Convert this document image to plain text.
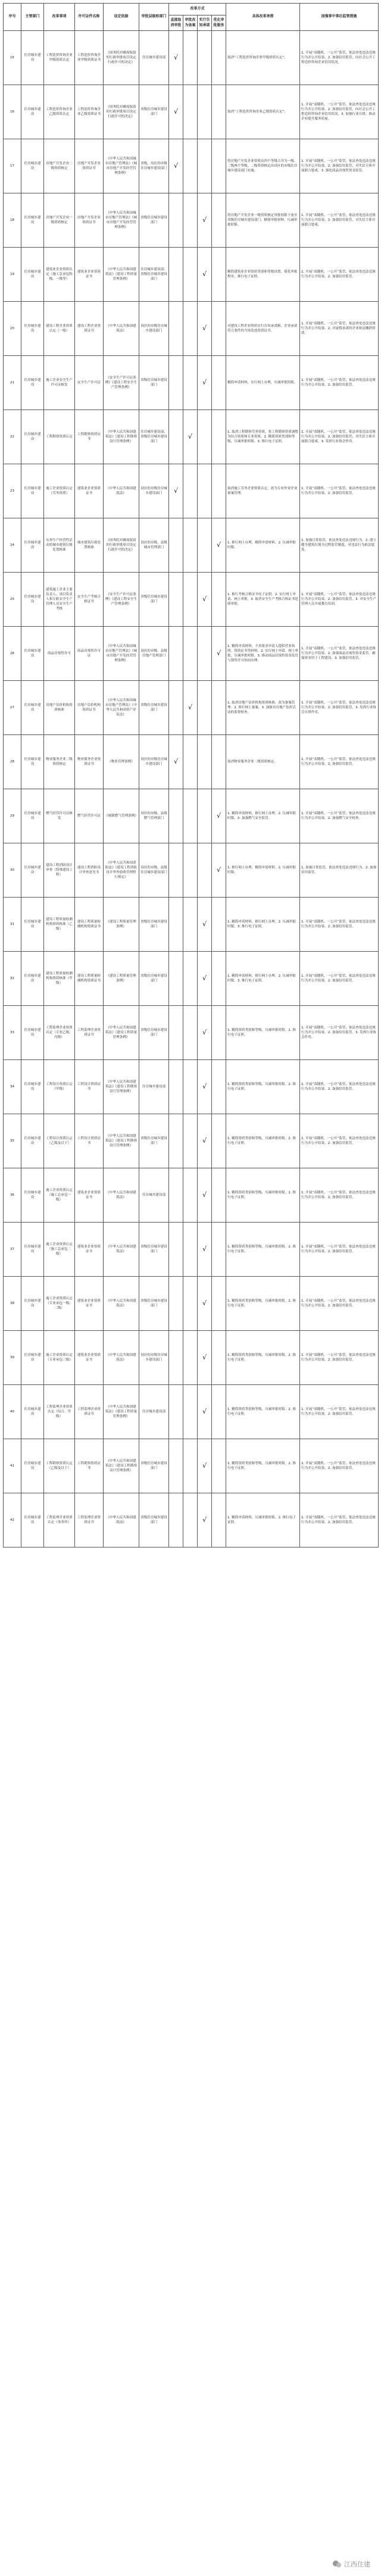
序号	主管部门	改革事项	许可证件名称	设定依据	审批层级和部门	改革方式				具体改革举措	加强事中事后监管措施
						直接取消审批	审批改为备案	实行告知承诺	优化审批服务		
15	住房城乡建设	工程造价咨询企业甲级资质认定	工程造价咨询企业甲级资质证书	《国务院对确需保留的行政审批项目设定行政许可的决定》	住房城乡建设部	√				取消“工程造价咨询企业甲级资质认定”。	1. 开展“双随机、一公开”监管，依法查处违法违规行为并公开结果。2. 加强信用监管，向社会公开工程造价咨询企业信用状况。
16	住房城乡建设	工程造价咨询企业乙级资质认定	工程造价咨询企业乙级资质证书	《国务院对确需保留的行政审批项目设定行政许可的决定》	省级住房城乡建设部门	√				取消“工程造价咨询企业乙级资质认定”。	1. 开展“双随机、一公开”监管，依法查处违法违规行为并公开结果。2. 加强信用监管，向社会公开工程造价咨询企业信用状况。3. 加强行业自律，推动企业提升服务质量。
17	住房城乡建设	房地产开发企业二级资质核定	房地产开发企业资质证书	《中华人民共和国城市房地产管理法》《城市房地产开发经营管理条例》	省级、设区的市级住房城乡建设部门	√				将房地产开发企业资质由四个等级合并为一级、二级两个等级，二级资质核定由设区的市级住房城乡建设部门实施。	1. 开展“双随机、一公开”监管，依法查处违法违规行为并公开结果。2. 加强信用监管，对失信主体开展联合惩戒。3. 强化商品房预售资金监管。
18	住房城乡建设	房地产开发企业一级资质核定	房地产开发企业资质证书	《中华人民共和国城市房地产管理法》《城市房地产开发经营管理条例》	省级住房城乡建设部门			√		将房地产开发企业一级资质核定审批权限下放至省级住房城乡建设部门，精简审批材料，压减审批时限。	1. 开展“双随机、一公开”监管，依法查处违法违规行为并公开结果。2. 加强信用监管，对失信主体开展联合惩戒。
19	住房城乡建设	建筑业企业资质认定（施工总承包特级、一级等）	建筑业企业资质证书	《中华人民共和国建筑法》《建设工程质量管理条例》	住房城乡建设部、省级住房城乡建设部门			√		精简建筑业企业资质类别和等级设置，简化审批程序，推行电子证照。	1. 开展“双随机、一公开”监管，依法查处违法违规行为并公开结果。2. 加强信用监管。
20	住房城乡建设	建设工程企业资质认定（一般）	建设工程企业资质证书	《中华人民共和国建筑法》	设区的市级住房城乡建设部门			√		对建设工程企业资质实行告知承诺制，企业承诺符合条件的当场发放资质证书。	1. 开展“双随机、一公开”监管，依法查处违法违规行为并公开结果。2. 对虚假承诺的企业依法撤销资质。
21	住房城乡建设	施工企业安全生产许可证核发	安全生产许可证	《安全生产许可证条例》《建设工程安全生产管理条例》	省级住房城乡建设部门			√		精简申请材料，实行网上办理，压减审批时限。	1. 开展“双随机、一公开”监管，依法查处违法违规行为并公开结果。2. 加强信用监管。
22	住房城乡建设	工程勘察资质认定	工程勘察资质证书	《中华人民共和国建筑法》《建设工程勘察设计管理条例》	住房城乡建设部、省级住房城乡建设部门		√			1. 取消工程勘察劳务资质，将工程勘察资质调整为综合资质和专业资质。2. 精简资质类别和等级，压减审批时限。3. 推行电子证照。	1. 开展“双随机、一公开”监管，依法查处违法违规行为并公开结果。2. 加强信用监管，对失信主体开展联合惩戒。3. 发挥行业协会作用。
23	住房城乡建设	施工企业资质认定（劳务资质）	建筑业企业资质证书	《中华人民共和国建筑法》	设区的市级住房城乡建设部门	√				取消施工劳务企业资质认定，改为专业作业企业备案管理。	1. 开展“双随机、一公开”监管，依法查处违法违规行为并公开结果。2. 加强信用监管。
24	住房城乡建设	从事生产经营性活动的城市建筑垃圾处置核准	城市建筑垃圾处置核准	《国务院对确需保留的行政审批项目设定行政许可的决定》	设区的市级、县级城市管理部门				√	1. 推行网上办理，精简申请材料。2. 压减审批时限。	1. 加强日常监管，依法查处违法违规行为。2. 建立健全建筑垃圾全过程监管制度，对违法行为依法惩处。
25	住房城乡建设	建筑施工企业主要负责人、项目负责人和专职安全生产管理人员安全生产考核	安全生产考核合格证书	《安全生产许可证条例》《建设工程安全生产管理条例》	省级住房城乡建设部门			√		1. 推行考核合格证书电子证照。2. 实行网上申请、网上审批。3. 取消安全生产考核合格证书延续审批。	1. 开展“双随机、一公开”监管，依法查处违法违规行为并公开结果。2. 加强信用监管。3. 对安全生产管理人员开展教育培训。
26	住房城乡建设	商品房预售许可	商品房预售许可证	《中华人民共和国城市房地产管理法》《城市房地产开发经营管理条例》	设区的市级、县级房地产管理部门				√	1. 精简申请材料，不再要求申请人提供营业执照、资质证书等材料。2. 实行网上申请、网上审批，压减审批时限。3. 推动商品房预售资金监管与预售许可协同办理。	1. 开展“双随机、一公开”监管，依法查处违法违规行为并公开结果。2. 加强商品房预售资金监管，确保资金用于工程建设。3. 加强信用监管。
27	住房城乡建设	房地产估价机构资质核准	房地产估价机构资质证书	《中华人民共和国城市房地产管理法》《中华人民共和国资产评估法》	省级住房城乡建设部门		√			1. 取消房地产估价机构资质核准，改为备案管理。2. 推行网上备案。3. 加强对房地产估价活动的监督检查。	1. 开展“双随机、一公开”监管，依法查处违法违规行为并公开结果。2. 加强信用监管。3. 发挥行业协会自律作用。
28	住房城乡建设	物业服务企业二级资质核定	物业服务企业资质证书	《物业管理条例》	设区的市级住房城乡建设部门	√				取消物业服务企业二级资质核定。	1. 开展“双随机、一公开”监管，依法查处违法违规行为并公开结果。2. 加强信用监管。
29	住房城乡建设	燃气经营许可证核发	燃气经营许可证	《城镇燃气管理条例》	设区的市级、县级燃气管理部门				√	1. 精简申请材料，推行网上办理。2. 压减审批时限。3. 加强燃气安全监管。	1. 开展“双随机、一公开”监管，依法查处违法违规行为并公开结果。2. 加强燃气安全检查。
30	住房城乡建设	建设工程消防设计审查（特殊建设工程）	建设工程消防设计审查意见书	《中华人民共和国消防法》《建设工程消防设计审查验收管理暂行规定》	设区的市级、县级住房城乡建设部门				√	1. 推行网上办理，精简申请材料。2. 压减审批时限。	1. 加强日常监管，依法查处违法违规行为。2. 加强信用监管。
31	住房城乡建设	建设工程质量检测机构资质核准（乙级）	建设工程质量检测机构资质证书	《建设工程质量管理条例》	省级住房城乡建设部门			√		1. 精简申请材料，推行网上办理。2. 压减审批时限。3. 推行电子证照。	1. 开展“双随机、一公开”监管，依法查处违法违规行为并公开结果。2. 加强信用监管。
32	住房城乡建设	建设工程质量检测机构资质核准（甲级）	建设工程质量检测机构资质证书	《建设工程质量管理条例》	省级住房城乡建设部门			√		1. 精简申请材料，推行网上办理。2. 压减审批时限。3. 推行电子证照。	1. 开展“双随机、一公开”监管，依法查处违法违规行为并公开结果。2. 加强信用监管。
33	住房城乡建设	工程监理企业资质认定（专业乙级、丙级）	工程监理企业资质证书	《中华人民共和国建筑法》《建设工程质量管理条例》	省级住房城乡建设部门			√		1. 精简资质类别和等级，压减审批时限。2. 推行电子证照。	1. 开展“双随机、一公开”监管，依法查处违法违规行为并公开结果。2. 加强信用监管。3. 发挥行业协会作用。
34	住房城乡建设	工程设计资质认定（甲级）	工程设计资质证书	《中华人民共和国建筑法》《建设工程勘察设计管理条例》	住房城乡建设部			√		1. 精简资质类别和等级，压减审批时限。2. 推行电子证照。	1. 开展“双随机、一公开”监管，依法查处违法违规行为并公开结果。2. 加强信用监管。
35	住房城乡建设	工程设计资质认定（乙级及以下）	工程设计资质证书	《中华人民共和国建筑法》《建设工程勘察设计管理条例》	省级住房城乡建设部门			√		1. 精简资质类别和等级，压减审批时限。2. 推行电子证照。	1. 开展“双随机、一公开”监管，依法查处违法违规行为并公开结果。2. 加强信用监管。
36	住房城乡建设	施工企业资质认定（施工总承包一级）	建筑业企业资质证书	《中华人民共和国建筑法》	住房城乡建设部			√		1. 精简资质类别和等级，压减审批时限。2. 推行电子证照。	1. 开展“双随机、一公开”监管，依法查处违法违规行为并公开结果。2. 加强信用监管。
37	住房城乡建设	施工企业资质认定（施工总承包二级）	建筑业企业资质证书	《中华人民共和国建筑法》	省级住房城乡建设部门			√		1. 精简资质类别和等级，压减审批时限。2. 推行电子证照。	1. 开展“双随机、一公开”监管，依法查处违法违规行为并公开结果。2. 加强信用监管。
38	住房城乡建设	施工企业资质认定（专业承包一级、二级）	建筑业企业资质证书	《中华人民共和国建筑法》	省级住房城乡建设部门			√		1. 精简资质类别和等级，压减审批时限。2. 推行电子证照。	1. 开展“双随机、一公开”监管，依法查处违法违规行为并公开结果。2. 加强信用监管。
39	住房城乡建设	施工企业资质认定（专业承包三级）	建筑业企业资质证书	《中华人民共和国建筑法》	设区的市级住房城乡建设部门			√		1. 精简资质类别和等级，压减审批时限。2. 推行电子证照。	1. 开展“双随机、一公开”监管，依法查处违法违规行为并公开结果。2. 加强信用监管。
40	住房城乡建设	工程监理企业资质认定（综合、甲级）	工程监理企业资质证书	《中华人民共和国建筑法》《建设工程质量管理条例》	住房城乡建设部			√		1. 精简资质类别和等级，压减审批时限。2. 推行电子证照。	1. 开展“双随机、一公开”监管，依法查处违法违规行为并公开结果。2. 加强信用监管。
41	住房城乡建设	工程勘察资质认定（乙级及以下）	工程勘察资质证书	《中华人民共和国建筑法》《建设工程勘察设计管理条例》	省级住房城乡建设部门			√		1. 精简资质类别和等级，压减审批时限。2. 推行电子证照。	1. 开展“双随机、一公开”监管，依法查处违法违规行为并公开结果。2. 加强信用监管。
42	住房城乡建设	工程监理企业资质认定（事务所）	工程监理企业资质证书	《中华人民共和国建筑法》	省级住房城乡建设部门			√		1. 精简申请材料，压减审批时限。2. 推行电子证照。	1. 开展“双随机、一公开”监管，依法查处违法违规行为并公开结果。2. 加强信用监管。
江西住建
